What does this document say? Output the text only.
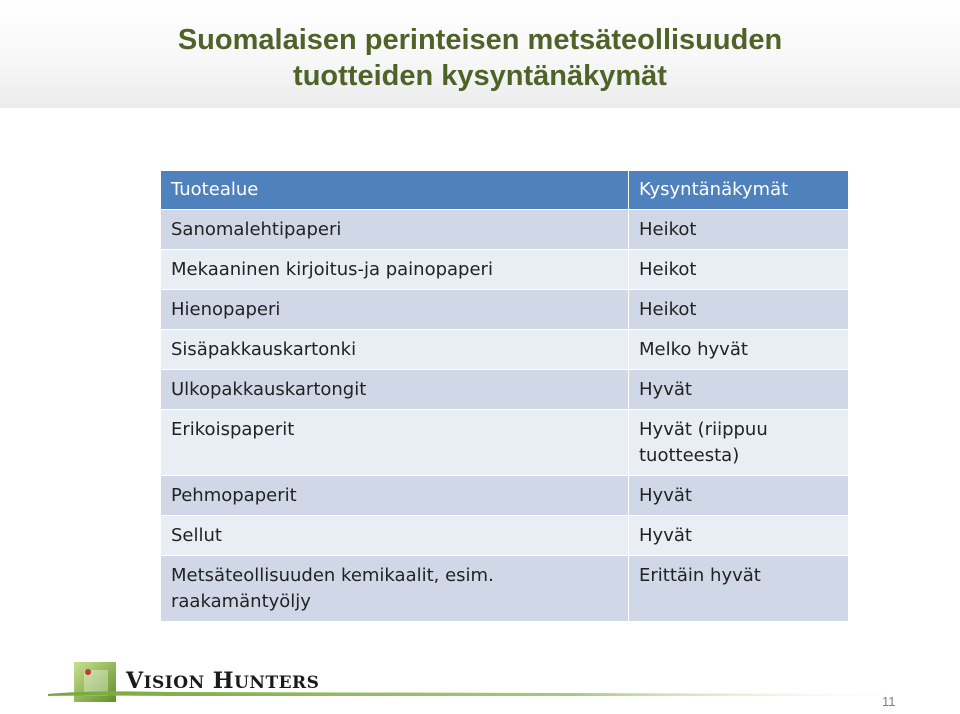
Suomalaisen perinteisen metsäteollisuuden
tuotteiden kysyntänäkymät
Tuotealue	Kysyntänäkymät
Sanomalehtipaperi	Heikot
Mekaaninen kirjoitus-ja painopaperi	Heikot
Hienopaperi	Heikot
Sisäpakkauskartonki	Melko hyvät
Ulkopakkauskartongit	Hyvät
Erikoispaperit	Hyvät (riippuu tuotteesta)
Pehmopaperit	Hyvät
Sellut	Hyvät
Metsäteollisuuden kemikaalit, esim. raakamäntyöljy	Erittäin hyvät
VISION HUNTERS
11
